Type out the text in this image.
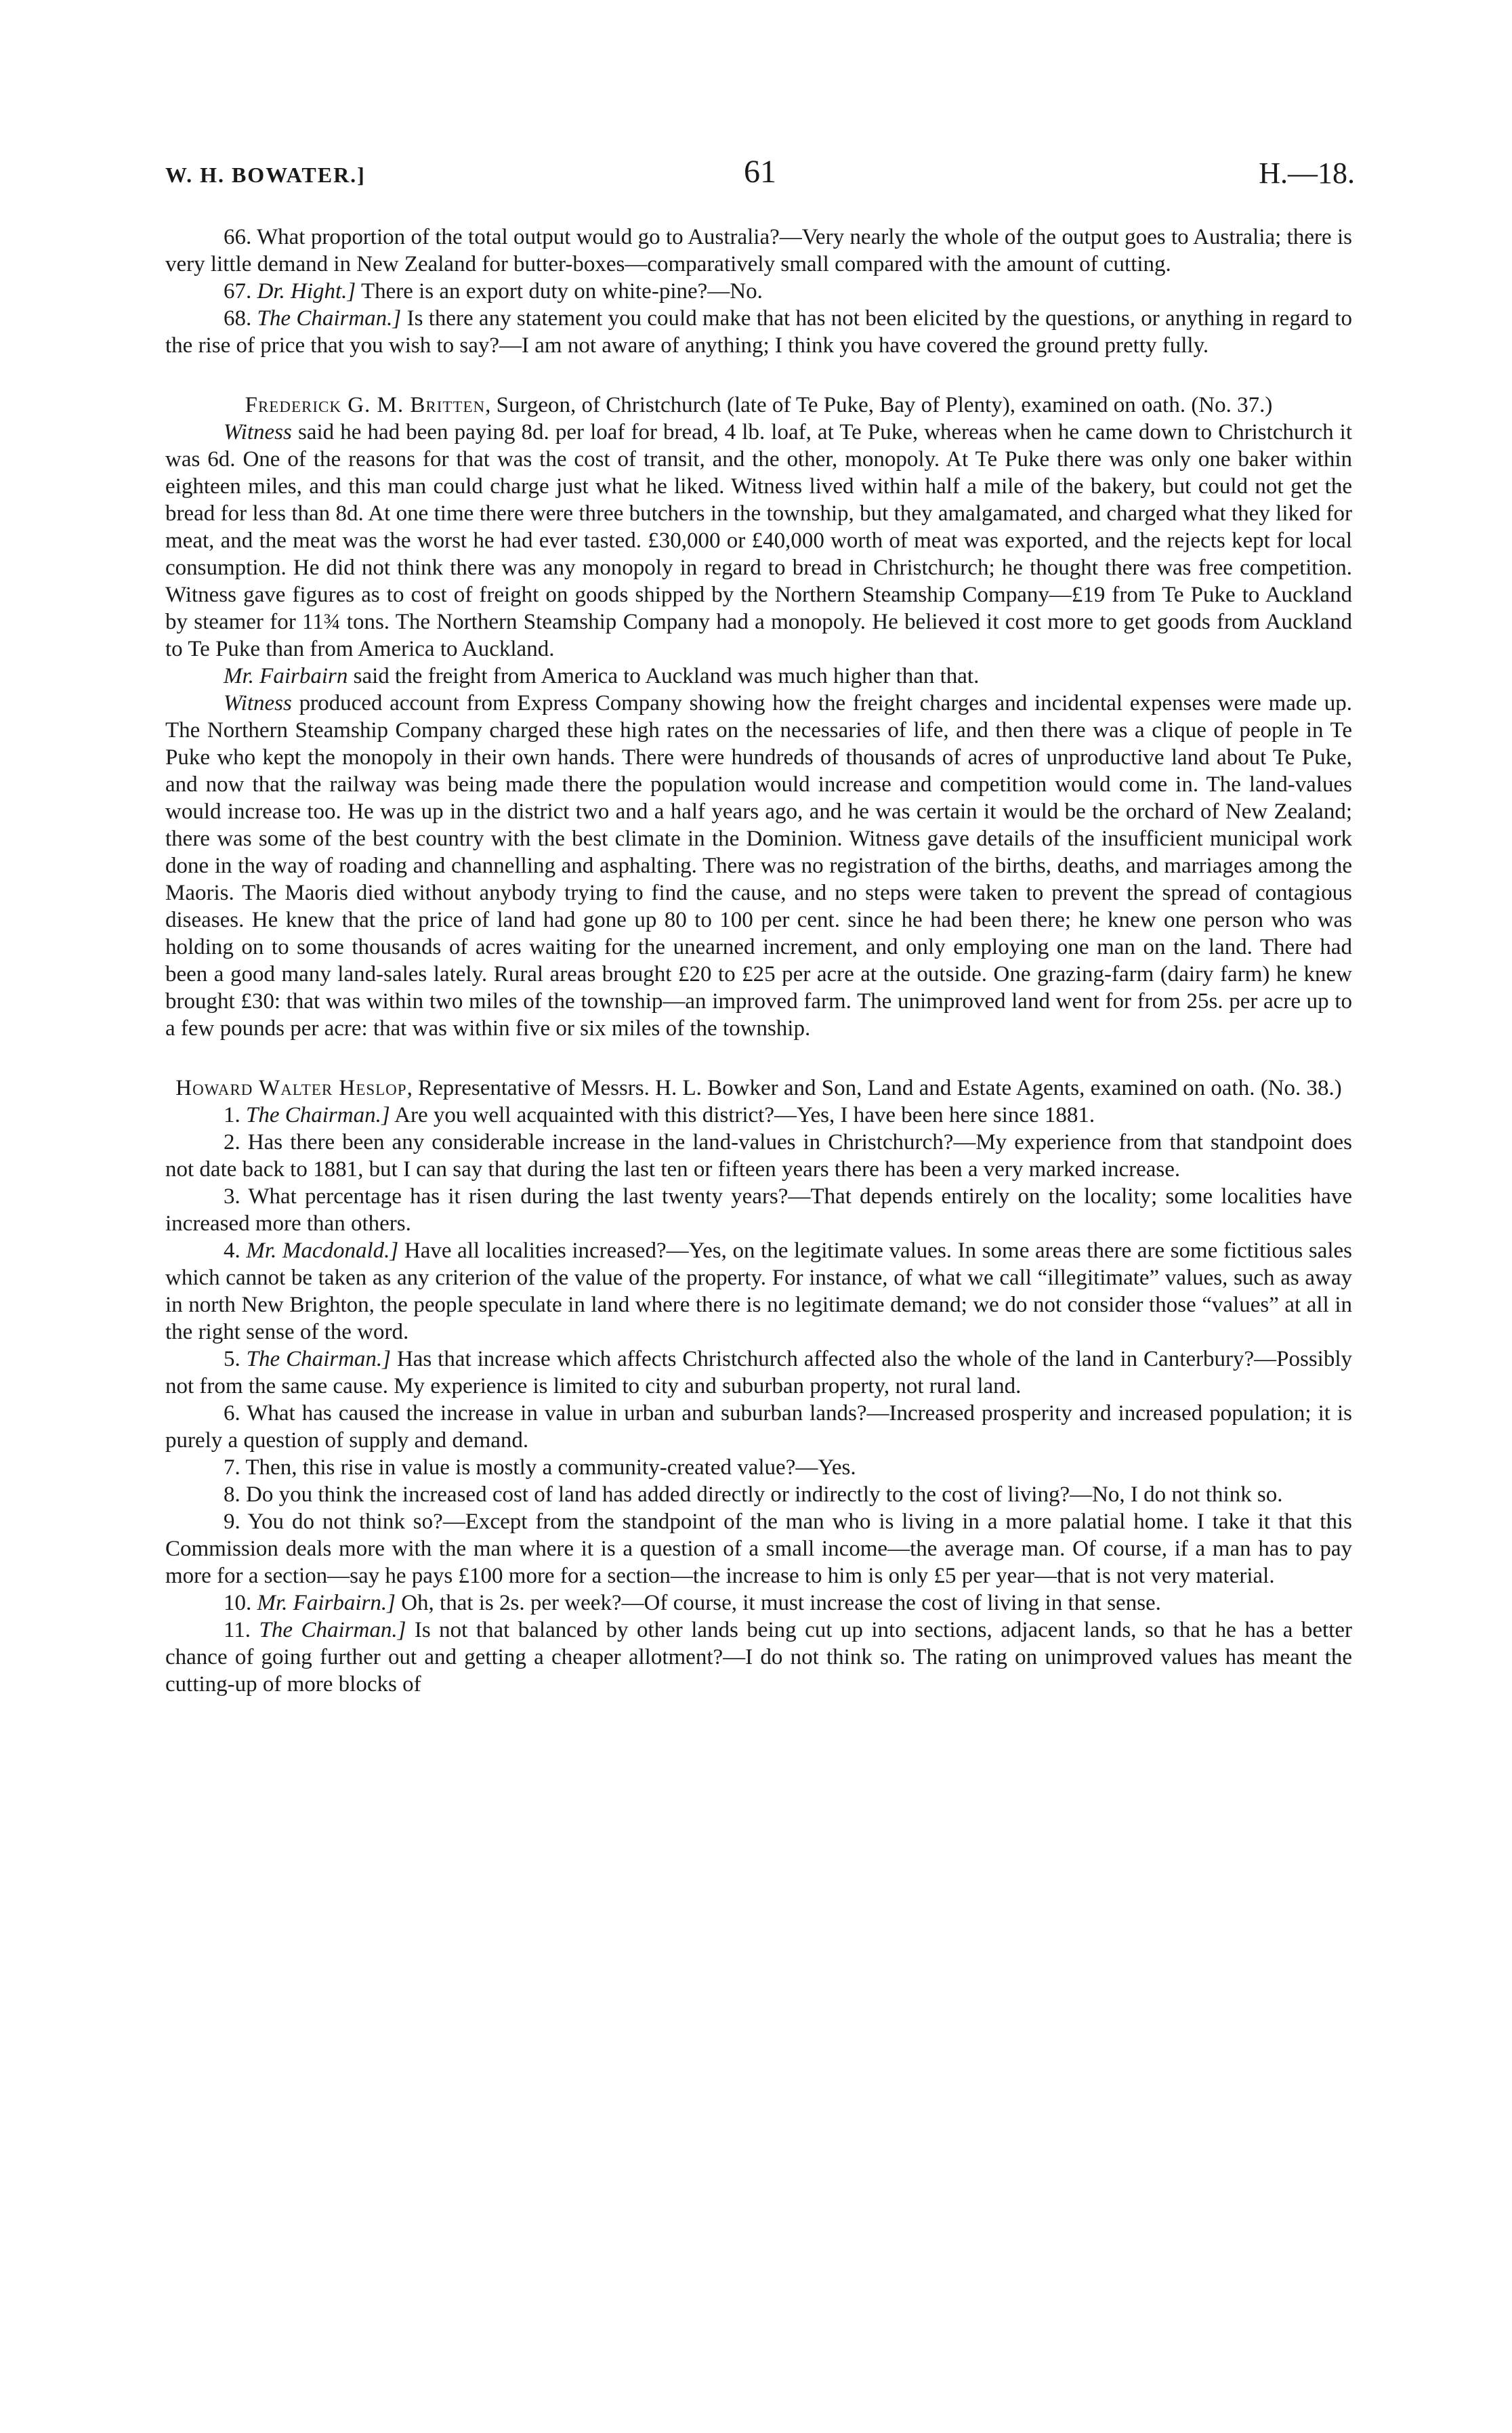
W. H. BOWATER.]	61	H.—18.

66. What proportion of the total output would go to Australia?—Very nearly the whole of the output goes to Australia; there is very little demand in New Zealand for butter-boxes—comparatively small compared with the amount of cutting.

67. Dr. Hight.] There is an export duty on white-pine?—No.

68. The Chairman.] Is there any statement you could make that has not been elicited by the questions, or anything in regard to the rise of price that you wish to say?—I am not aware of anything; I think you have covered the ground pretty fully.

Frederick G. M. Britten, Surgeon, of Christchurch (late of Te Puke, Bay of Plenty), examined on oath. (No. 37.)

Witness said he had been paying 8d. per loaf for bread, 4 lb. loaf, at Te Puke, whereas when he came down to Christchurch it was 6d. One of the reasons for that was the cost of transit, and the other, monopoly. At Te Puke there was only one baker within eighteen miles, and this man could charge just what he liked. Witness lived within half a mile of the bakery, but could not get the bread for less than 8d. At one time there were three butchers in the township, but they amalgamated, and charged what they liked for meat, and the meat was the worst he had ever tasted. £30,000 or £40,000 worth of meat was exported, and the rejects kept for local consumption. He did not think there was any monopoly in regard to bread in Christchurch; he thought there was free competition. Witness gave figures as to cost of freight on goods shipped by the Northern Steamship Company—£19 from Te Puke to Auckland by steamer for 11¾ tons. The Northern Steamship Company had a monopoly. He believed it cost more to get goods from Auckland to Te Puke than from America to Auckland.

Mr. Fairbairn said the freight from America to Auckland was much higher than that.

Witness produced account from Express Company showing how the freight charges and incidental expenses were made up. The Northern Steamship Company charged these high rates on the necessaries of life, and then there was a clique of people in Te Puke who kept the monopoly in their own hands. There were hundreds of thousands of acres of unproductive land about Te Puke, and now that the railway was being made there the population would increase and competition would come in. The land-values would increase too. He was up in the district two and a half years ago, and he was certain it would be the orchard of New Zealand; there was some of the best country with the best climate in the Dominion. Witness gave details of the insufficient municipal work done in the way of roading and channelling and asphalting. There was no registration of the births, deaths, and marriages among the Maoris. The Maoris died without anybody trying to find the cause, and no steps were taken to prevent the spread of contagious diseases. He knew that the price of land had gone up 80 to 100 per cent. since he had been there; he knew one person who was holding on to some thousands of acres waiting for the unearned increment, and only employing one man on the land. There had been a good many land-sales lately. Rural areas brought £20 to £25 per acre at the outside. One grazing-farm (dairy farm) he knew brought £30: that was within two miles of the township—an improved farm. The unimproved land went for from 25s. per acre up to a few pounds per acre: that was within five or six miles of the township.

Howard Walter Heslop, Representative of Messrs. H. L. Bowker and Son, Land and Estate Agents, examined on oath. (No. 38.)

1. The Chairman.] Are you well acquainted with this district?—Yes, I have been here since 1881.

2. Has there been any considerable increase in the land-values in Christchurch?—My experience from that standpoint does not date back to 1881, but I can say that during the last ten or fifteen years there has been a very marked increase.

3. What percentage has it risen during the last twenty years?—That depends entirely on the locality; some localities have increased more than others.

4. Mr. Macdonald.] Have all localities increased?—Yes, on the legitimate values. In some areas there are some fictitious sales which cannot be taken as any criterion of the value of the property. For instance, of what we call “illegitimate” values, such as away in north New Brighton, the people speculate in land where there is no legitimate demand; we do not consider those “values” at all in the right sense of the word.

5. The Chairman.] Has that increase which affects Christchurch affected also the whole of the land in Canterbury?—Possibly not from the same cause. My experience is limited to city and suburban property, not rural land.

6. What has caused the increase in value in urban and suburban lands?—Increased prosperity and increased population; it is purely a question of supply and demand.

7. Then, this rise in value is mostly a community-created value?—Yes.

8. Do you think the increased cost of land has added directly or indirectly to the cost of living?—No, I do not think so.

9. You do not think so?—Except from the standpoint of the man who is living in a more palatial home. I take it that this Commission deals more with the man where it is a question of a small income—the average man. Of course, if a man has to pay more for a section—say he pays £100 more for a section—the increase to him is only £5 per year—that is not very material.

10. Mr. Fairbairn.] Oh, that is 2s. per week?—Of course, it must increase the cost of living in that sense.

11. The Chairman.] Is not that balanced by other lands being cut up into sections, adjacent lands, so that he has a better chance of going further out and getting a cheaper allotment?—I do not think so. The rating on unimproved values has meant the cutting-up of more blocks of
